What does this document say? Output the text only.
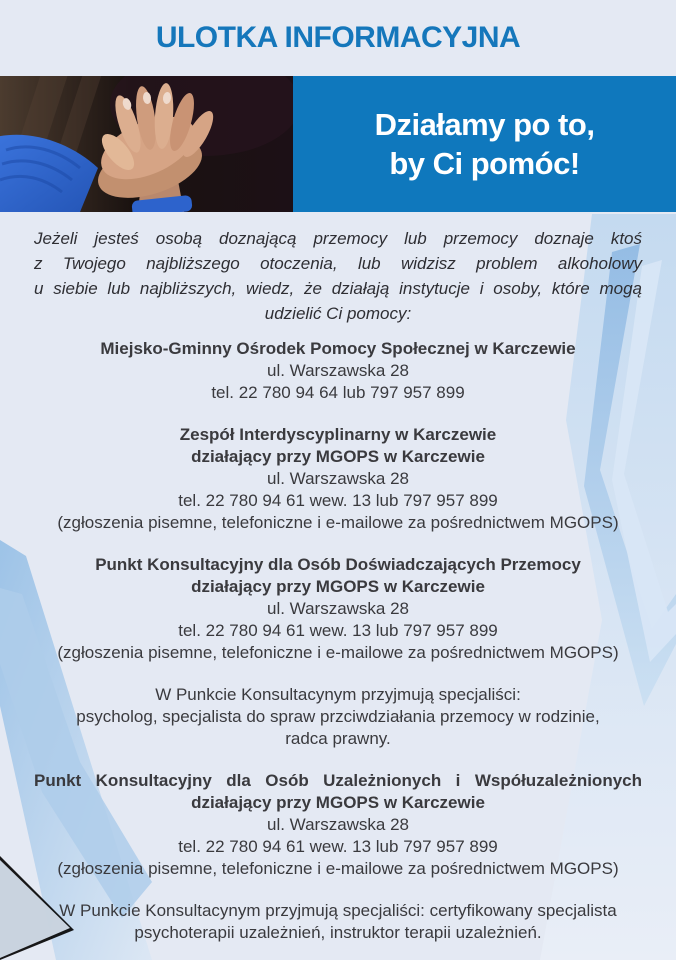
ULOTKA INFORMACYJNA
Działamy po to,
by Ci pomóc!
Jeżeli jesteś osobą doznającą przemocy lub przemocy doznaje ktoś
z Twojego najbliższego otoczenia, lub widzisz problem alkoholowy
u siebie lub najbliższych, wiedz, że działają instytucje i osoby, które mogą
udzielić Ci pomocy:
Miejsko-Gminny Ośrodek Pomocy Społecznej w Karczewie
ul. Warszawska 28
tel. 22 780 94 64 lub 797 957 899
Zespół Interdyscyplinarny w Karczewie
działający przy MGOPS w Karczewie
ul. Warszawska 28
tel. 22 780 94 61 wew. 13 lub 797 957 899
(zgłoszenia pisemne, telefoniczne i e-mailowe za pośrednictwem MGOPS)
Punkt Konsultacyjny dla Osób Doświadczających Przemocy
działający przy MGOPS w Karczewie
ul. Warszawska 28
tel. 22 780 94 61 wew. 13 lub 797 957 899
(zgłoszenia pisemne, telefoniczne i e-mailowe za pośrednictwem MGOPS)
W Punkcie Konsultacynym przyjmują specjaliści:
psycholog, specjalista do spraw przciwdziałania przemocy w rodzinie,
radca prawny.
Punkt Konsultacyjny dla Osób Uzależnionych i Współuzależnionych
działający przy MGOPS w Karczewie
ul. Warszawska 28
tel. 22 780 94 61 wew. 13 lub 797 957 899
(zgłoszenia pisemne, telefoniczne i e-mailowe za pośrednictwem MGOPS)
W Punkcie Konsultacynym przyjmują specjaliści: certyfikowany specjalista
psychoterapii uzależnień, instruktor terapii uzależnień.
